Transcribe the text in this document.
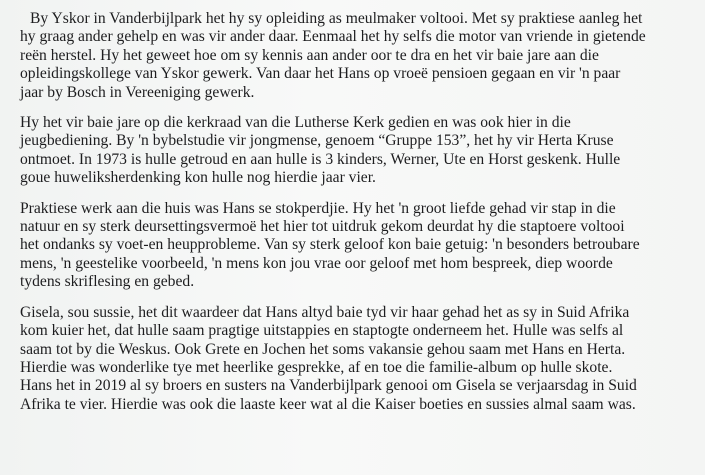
By Yskor in Vanderbijlpark het hy sy opleiding as meulmaker voltooi. Met sy praktiese aanleg het
hy graag ander gehelp en was vir ander daar. Eenmaal het hy selfs die motor van vriende in gietende
reën herstel. Hy het geweet hoe om sy kennis aan ander oor te dra en het vir baie jare aan die
opleidingskollege van Yskor gewerk. Van daar het Hans op vroeë pensioen gegaan en vir 'n paar
jaar by Bosch in Vereeniging gewerk.

Hy het vir baie jare op die kerkraad van die Lutherse Kerk gedien en was ook hier in die
jeugbediening. By 'n bybelstudie vir jongmense, genoem “Gruppe 153”, het hy vir Herta Kruse
ontmoet. In 1973 is hulle getroud en aan hulle is 3 kinders, Werner, Ute en Horst geskenk. Hulle
goue huweliksherdenking kon hulle nog hierdie jaar vier.

Praktiese werk aan die huis was Hans se stokperdjie. Hy het 'n groot liefde gehad vir stap in die
natuur en sy sterk deursettingsvermoë het hier tot uitdruk gekom deurdat hy die staptoere voltooi
het ondanks sy voet-en heupprobleme. Van sy sterk geloof kon baie getuig: 'n besonders betroubare
mens, 'n geestelike voorbeeld, 'n mens kon jou vrae oor geloof met hom bespreek, diep woorde
tydens skriflesing en gebed.

Gisela, sou sussie, het dit waardeer dat Hans altyd baie tyd vir haar gehad het as sy in Suid Afrika
kom kuier het, dat hulle saam pragtige uitstappies en staptogte onderneem het. Hulle was selfs al
saam tot by die Weskus. Ook Grete en Jochen het soms vakansie gehou saam met Hans en Herta.
Hierdie was wonderlike tye met heerlike gesprekke, af en toe die familie-album op hulle skote.
Hans het in 2019 al sy broers en susters na Vanderbijlpark genooi om Gisela se verjaarsdag in Suid
Afrika te vier. Hierdie was ook die laaste keer wat al die Kaiser boeties en sussies almal saam was.
